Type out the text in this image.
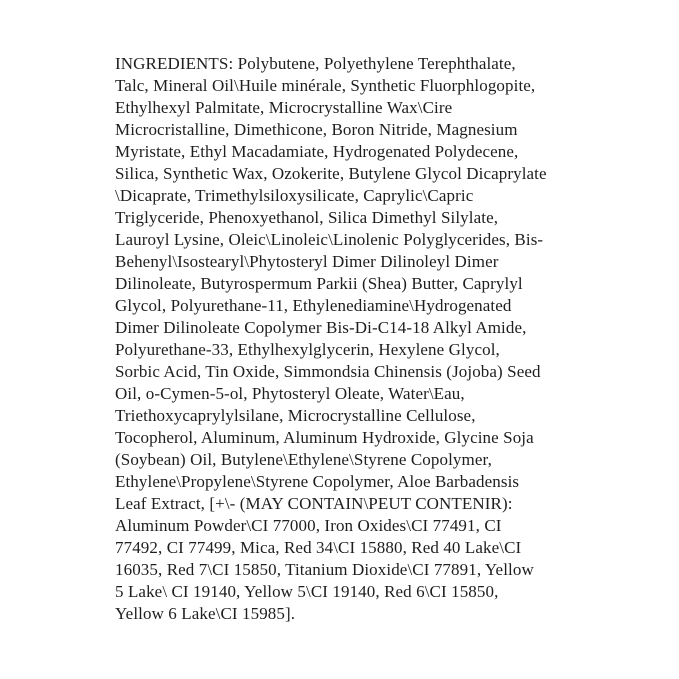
INGREDIENTS: Polybutene, Polyethylene Terephthalate,
Talc, Mineral Oil\Huile minérale, Synthetic Fluorphlogopite,
Ethylhexyl Palmitate, Microcrystalline Wax\Cire
Microcristalline, Dimethicone, Boron Nitride, Magnesium
Myristate, Ethyl Macadamiate, Hydrogenated Polydecene,
Silica, Synthetic Wax, Ozokerite, Butylene Glycol Dicaprylate
\Dicaprate, Trimethylsiloxysilicate, Caprylic\Capric
Triglyceride, Phenoxyethanol, Silica Dimethyl Silylate,
Lauroyl Lysine, Oleic\Linoleic\Linolenic Polyglycerides, Bis-
Behenyl\Isostearyl\Phytosteryl Dimer Dilinoleyl Dimer
Dilinoleate, Butyrospermum Parkii (Shea) Butter, Caprylyl
Glycol, Polyurethane-11, Ethylenediamine\Hydrogenated
Dimer Dilinoleate Copolymer Bis-Di-C14-18 Alkyl Amide,
Polyurethane-33, Ethylhexylglycerin, Hexylene Glycol,
Sorbic Acid, Tin Oxide, Simmondsia Chinensis (Jojoba) Seed
Oil, o-Cymen-5-ol, Phytosteryl Oleate, Water\Eau,
Triethoxycaprylylsilane, Microcrystalline Cellulose,
Tocopherol, Aluminum, Aluminum Hydroxide, Glycine Soja
(Soybean) Oil, Butylene\Ethylene\Styrene Copolymer,
Ethylene\Propylene\Styrene Copolymer, Aloe Barbadensis
Leaf Extract, [+\- (MAY CONTAIN\PEUT CONTENIR):
Aluminum Powder\CI 77000, Iron Oxides\CI 77491, CI
77492, CI 77499, Mica, Red 34\CI 15880, Red 40 Lake\CI
16035, Red 7\CI 15850, Titanium Dioxide\CI 77891, Yellow
5 Lake\ CI 19140, Yellow 5\CI 19140, Red 6\CI 15850,
Yellow 6 Lake\CI 15985].
